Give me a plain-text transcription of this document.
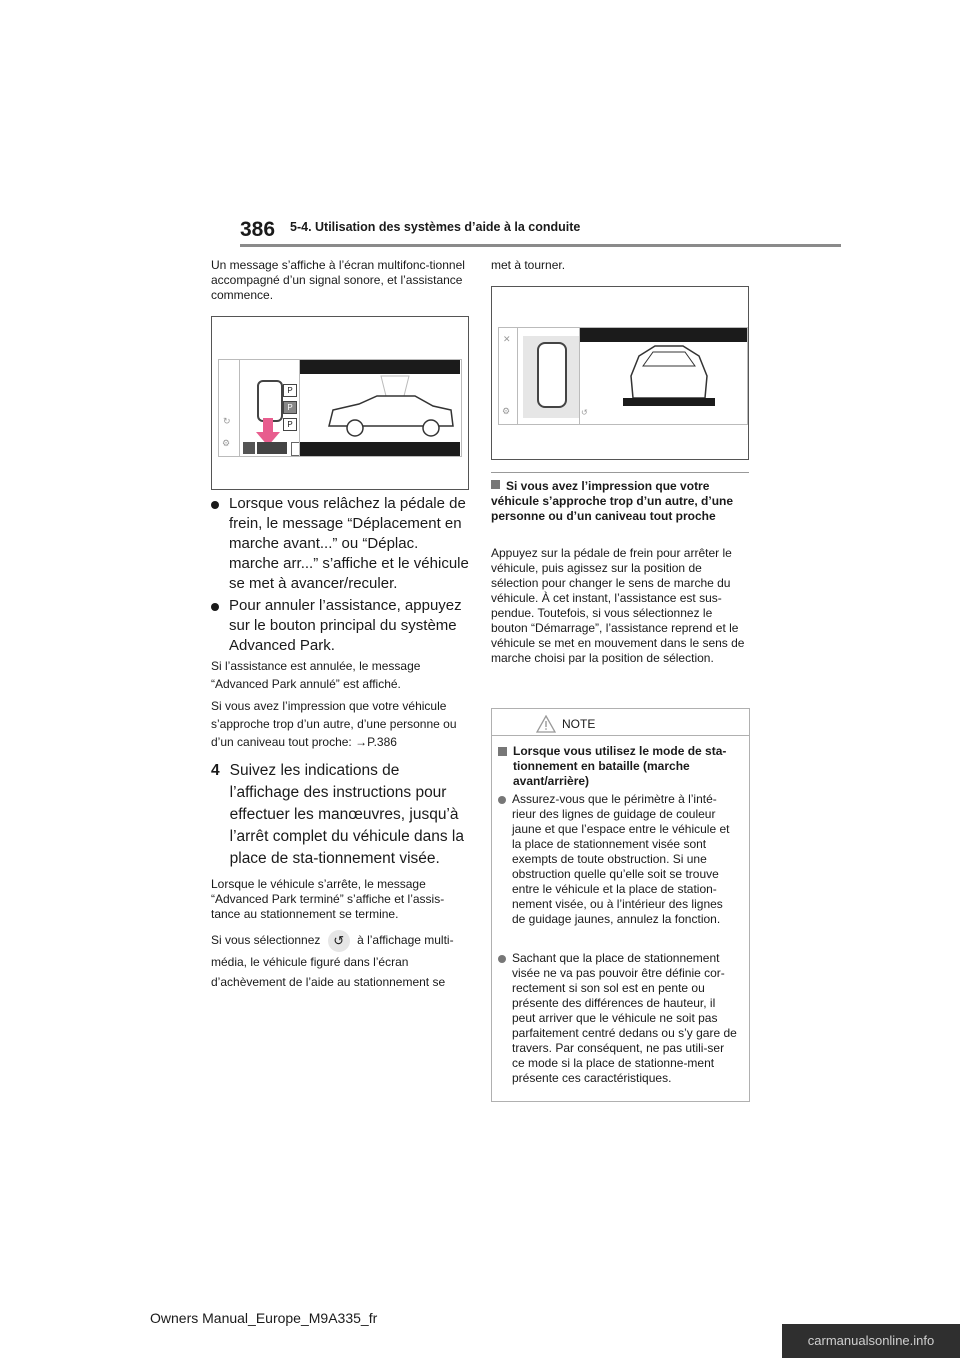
386 5-4. Utilisation des systèmes d’aide à la conduite
Un message s’affiche à l’écran multifonc-tionnel accompagné d’un signal sonore, et l’assistance commence.
↻
⚙
P
P
P
Lorsque vous relâchez la pédale de frein, le message “Déplacement en marche avant...” ou “Déplac. marche arr...” s’affiche et le véhicule se met à avancer/reculer.
Pour annuler l’assistance, appuyez sur le bouton principal du système Advanced Park.
Si l’assistance est annulée, le message “Advanced Park annulé” est affiché.
Si vous avez l’impression que votre véhicule s’approche trop d’un autre, d’une personne ou d’un caniveau tout proche: →P.386
4 Suivez les indications de l’affichage des instructions pour effectuer les manœuvres, jusqu’à l’arrêt complet du véhicule dans la place de sta-tionnement visée.
Lorsque le véhicule s’arrête, le message “Advanced Park terminé” s’affiche et l’assis-tance au stationnement se termine.
Si vous sélectionnez ↺ à l’affichage multi-média, le véhicule figuré dans l’écran d’achèvement de l’aide au stationnement se
met à tourner.
✕
⚙	↺
Si vous avez l’impression que votre véhicule s’approche trop d’un autre, d’une personne ou d’un caniveau tout proche
Appuyez sur la pédale de frein pour arrêter le véhicule, puis agissez sur la position de sélection pour changer le sens de marche du véhicule. À cet instant, l’assistance est sus-pendue. Toutefois, si vous sélectionnez le bouton “Démarrage”, l’assistance reprend et le véhicule se met en mouvement dans le sens de marche choisi par la position de sélection.
NOTE
Lorsque vous utilisez le mode de sta-tionnement en bataille (marche avant/arrière)
Assurez-vous que le périmètre à l’inté-rieur des lignes de guidage de couleur jaune et que l’espace entre le véhicule et la place de stationnement visée sont exempts de toute obstruction. Si une obstruction quelle qu’elle soit se trouve entre le véhicule et la place de station-nement visée, ou à l’intérieur des lignes de guidage jaunes, annulez la fonction.
Sachant que la place de stationnement visée ne va pas pouvoir être définie cor-rectement si son sol est en pente ou présente des différences de hauteur, il peut arriver que le véhicule ne soit pas parfaitement centré dedans ou s’y gare de travers. Par conséquent, ne pas utili-ser ce mode si la place de stationne-ment présente ces caractéristiques.
Owners Manual_Europe_M9A335_fr
carmanualsonline.info
